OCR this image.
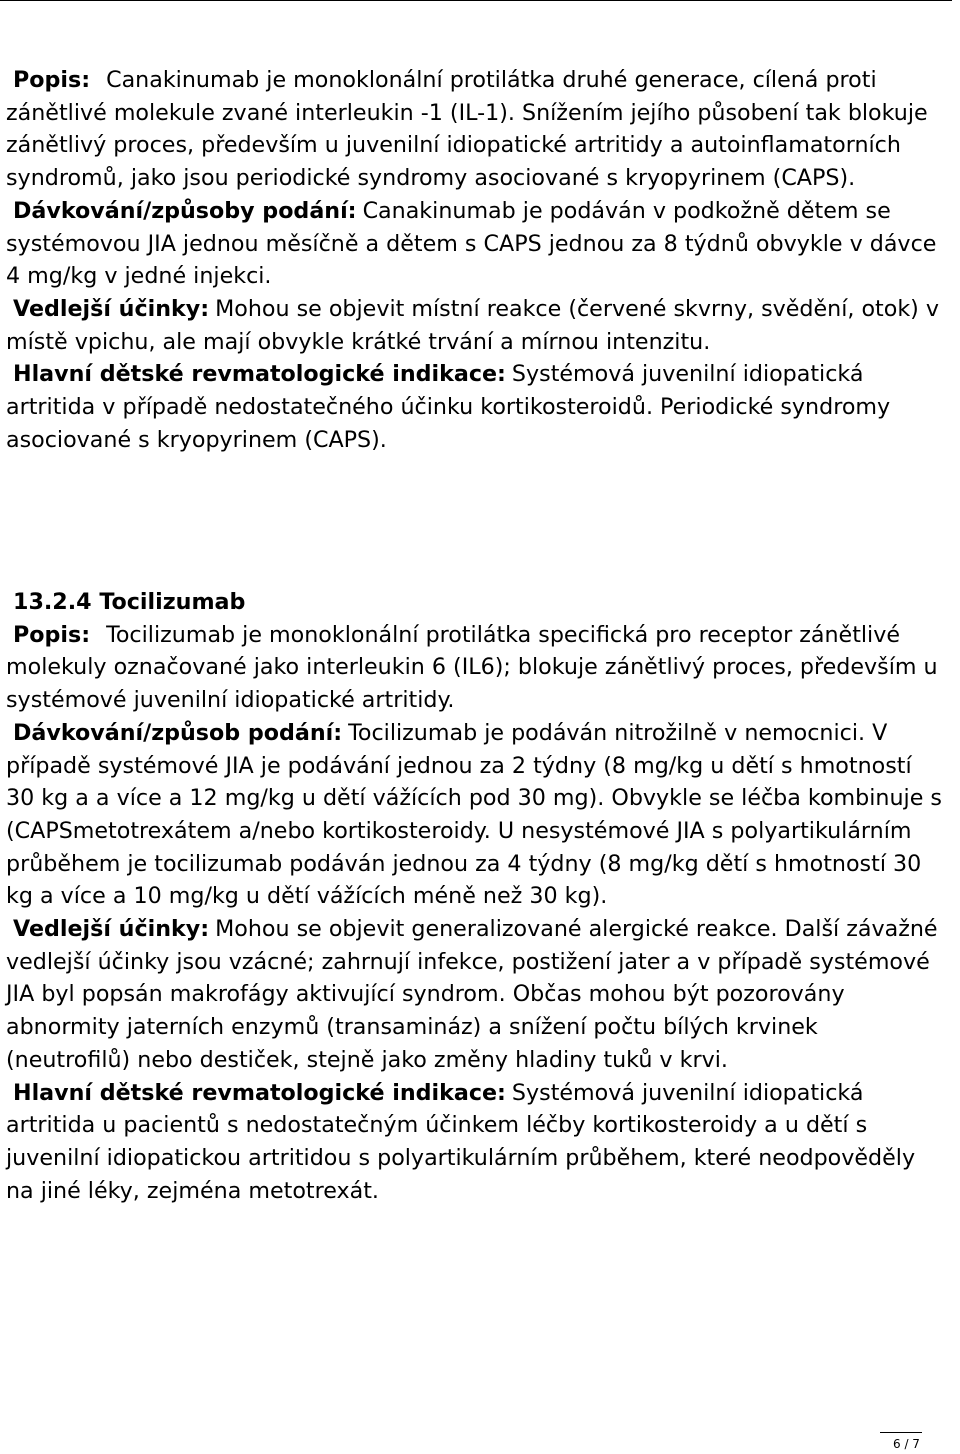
Popis: Canakinumab je monoklonální protilátka druhé generace, cílená proti zánětlivé molekule zvané interleukin -1 (IL-1). Snížením jejího působení tak blokuje zánětlivý proces, především u juvenilní idiopatické artritidy a autoinflamatorních syndromů, jako jsou periodické syndromy asociované s kryopyrinem (CAPS).

Dávkování/způsoby podání: Canakinumab je podáván v podkožně dětem se systémovou JIA jednou měsíčně a dětem s CAPS jednou za 8 týdnů obvykle v dávce 4 mg/kg v jedné injekci.

Vedlejší účinky: Mohou se objevit místní reakce (červené skvrny, svědění, otok) v místě vpichu, ale mají obvykle krátké trvání a mírnou intenzitu.

Hlavní dětské revmatologické indikace: Systémová juvenilní idiopatická artritida v případě nedostatečného účinku kortikosteroidů. Periodické syndromy asociované s kryopyrinem (CAPS).

13.2.4 Tocilizumab

Popis: Tocilizumab je monoklonální protilátka specifická pro receptor zánětlivé molekuly označované jako interleukin 6 (IL6); blokuje zánětlivý proces, především u systémové juvenilní idiopatické artritidy.

Dávkování/způsob podání: Tocilizumab je podáván nitrožilně v nemocnici. V případě systémové JIA je podávání jednou za 2 týdny (8 mg/kg u dětí s hmotností 30 kg a a více a 12 mg/kg u dětí vážících pod 30 mg). Obvykle se léčba kombinuje s (CAPSmetotrexátem a/nebo kortikosteroidy. U nesystémové JIA s polyartikulárním průběhem je tocilizumab podáván jednou za 4 týdny (8 mg/kg dětí s hmotností 30 kg a více a 10 mg/kg u dětí vážících méně než 30 kg).

Vedlejší účinky: Mohou se objevit generalizované alergické reakce. Další závažné vedlejší účinky jsou vzácné; zahrnují infekce, postižení jater a v případě systémové JIA byl popsán makrofágy aktivující syndrom. Občas mohou být pozorovány abnormity jaterních enzymů (transamináz) a snížení počtu bílých krvinek (neutrofilů) nebo destiček, stejně jako změny hladiny tuků v krvi.

Hlavní dětské revmatologické indikace: Systémová juvenilní idiopatická artritida u pacientů s nedostatečným účinkem léčby kortikosteroidy a u dětí s juvenilní idiopatickou artritidou s polyartikulárním průběhem, které neodpověděly na jiné léky, zejména metotrexát.

6 / 7
